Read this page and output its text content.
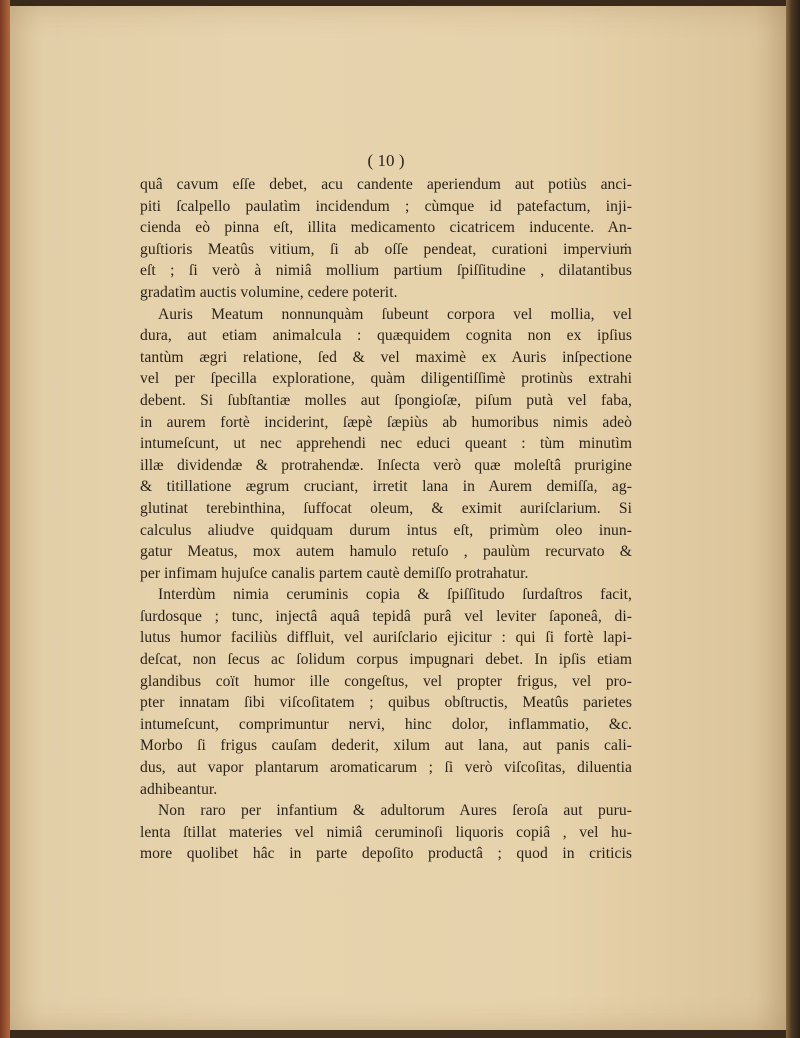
( 10 )
quâ cavum eſſe debet, acu candente aperiendum aut potiùs anci-
piti ſcalpello paulatìm incidendum ; cùmque id patefactum, inji-
cienda eò pinna eſt, illita medicamento cicatricem inducente. An-
guſtioris Meatûs vitium, ſi ab oſſe pendeat, curationi imperviuṁ
eſt ; ſi verò à nimiâ mollium partium ſpiſſitudine , dilatantibus
gradatìm auctis volumine, cedere poterit.
Auris Meatum nonnunquàm ſubeunt corpora vel mollia, vel
dura, aut etiam animalcula : quæquidem cognita non ex ipſius
tantùm ægri relatione, ſed & vel maximè ex Auris inſpectione
vel per ſpecilla exploratione, quàm diligentiſſimè protinùs extrahi
debent. Si ſubſtantiæ molles aut ſpongioſæ, piſum putà vel faba,
in aurem fortè inciderint, ſæpè ſæpiùs ab humoribus nimis adeò
intumeſcunt, ut nec apprehendi nec educi queant : tùm minutìm
illæ dividendæ & protrahendæ. Inſecta verò quæ moleſtâ prurigine
& titillatione ægrum cruciant, irretit lana in Aurem demiſſa, ag-
glutinat terebinthina, ſuffocat oleum, & eximit auriſclarium. Si
calculus aliudve quidquam durum intus eſt, primùm oleo inun-
gatur Meatus, mox autem hamulo retuſo , paulùm recurvato &
per infimam hujuſce canalis partem cautè demiſſo protrahatur.
Interdùm nimia ceruminis copia & ſpiſſitudo ſurdaſtros facit,
ſurdosque ; tunc, injectâ aquâ tepidâ purâ vel leviter ſaponeâ, di-
lutus humor faciliùs diffluit, vel auriſclario ejicitur : qui ſi fortè lapi-
deſcat, non ſecus ac ſolidum corpus impugnari debet. In ipſis etiam
glandibus coït humor ille congeſtus, vel propter frigus, vel pro-
pter innatam ſibi viſcoſitatem ; quibus obſtructis, Meatûs parietes
intumeſcunt, comprimuntur nervi, hinc dolor, inflammatio, &c.
Morbo ſi frigus cauſam dederit, xilum aut lana, aut panis cali-
dus, aut vapor plantarum aromaticarum ; ſi verò viſcoſitas, diluentia
adhibeantur.
Non raro per infantium & adultorum Aures ſeroſa aut puru-
lenta ſtillat materies vel nimiâ ceruminoſi liquoris copiâ , vel hu-
more quolibet hâc in parte depoſito productâ ; quod in criticis
